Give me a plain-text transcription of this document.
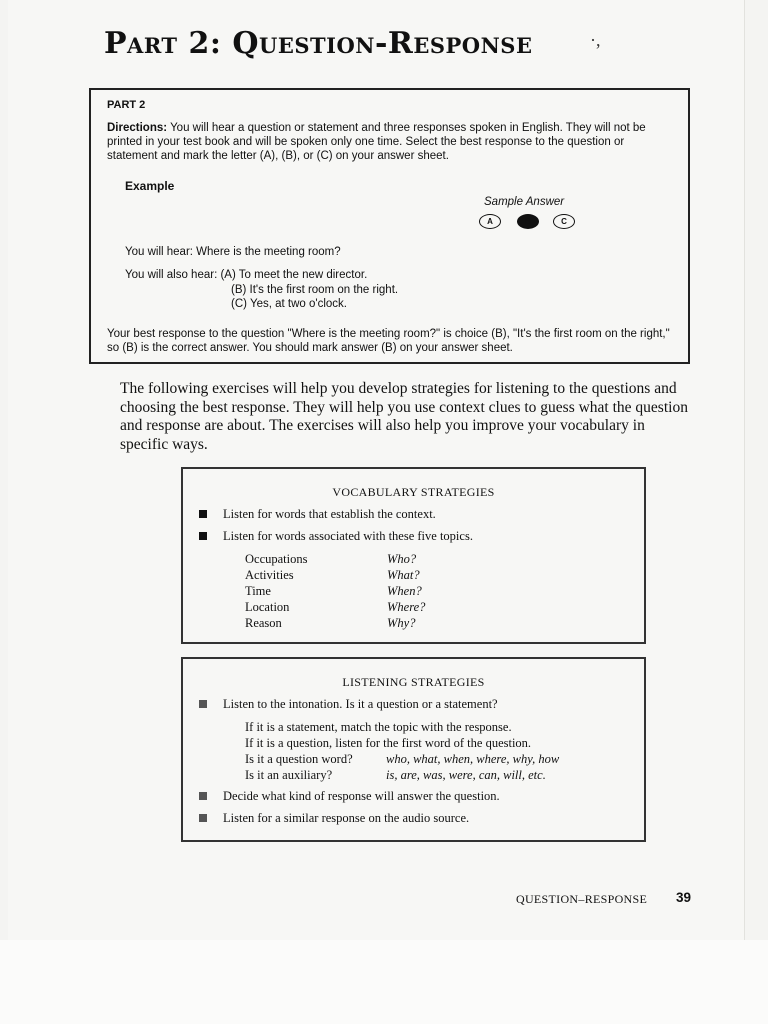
Part 2: Question-Response	·,
PART 2
Directions: You will hear a question or statement and three responses spoken in English. They will not be printed in your test book and will be spoken only one time. Select the best response to the question or statement and mark the letter (A), (B), or (C) on your answer sheet.
Example
Sample Answer
A	B	C
You will hear: Where is the meeting room?
You will also hear: (A) To meet the new director.
(B) It's the first room on the right.
(C) Yes, at two o'clock.
Your best response to the question "Where is the meeting room?" is choice (B), "It's the first room on the right," so (B) is the correct answer. You should mark answer (B) on your answer sheet.
The following exercises will help you develop strategies for listening to the questions and choosing the best response. They will help you use context clues to guess what the question and response are about. The exercises will also help you improve your vocabulary in specific ways.
VOCABULARY STRATEGIES
Listen for words that establish the context.
Listen for words associated with these five topics.
Occupations	Who?
Activities	What?
Time	When?
Location	Where?
Reason	Why?
LISTENING STRATEGIES
Listen to the intonation. Is it a question or a statement?
If it is a statement, match the topic with the response.
If it is a question, listen for the first word of the question.
Is it a question word?	who, what, when, where, why, how
Is it an auxiliary?	is, are, was, were, can, will, etc.
Decide what kind of response will answer the question.
Listen for a similar response on the audio source.
QUESTION–RESPONSE 39
